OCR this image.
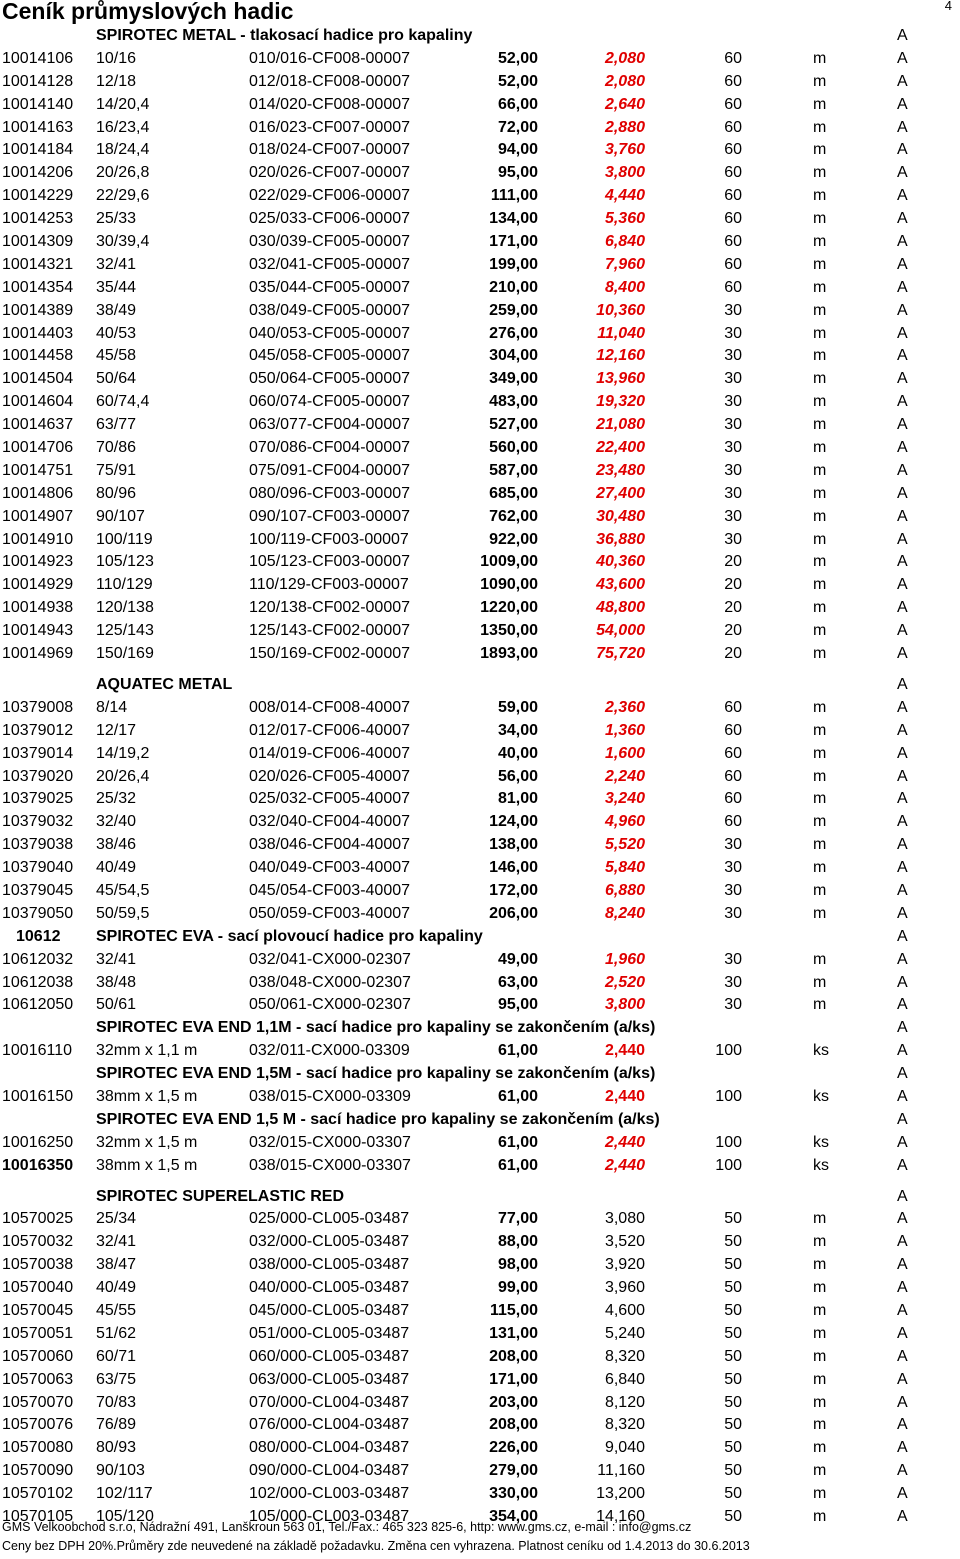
Ceník průmyslových hadic	4
SPIROTEC METAL - tlakosací hadice pro kapaliny	A
10014106 10/16	010/016-CF008-00007	52,00	2,080	60	m	A
10014128 12/18	012/018-CF008-00007	52,00	2,080	60	m	A
10014140 14/20,4	014/020-CF008-00007	66,00	2,640	60	m	A
10014163 16/23,4	016/023-CF007-00007	72,00	2,880	60	m	A
10014184 18/24,4	018/024-CF007-00007	94,00	3,760	60	m	A
10014206 20/26,8	020/026-CF007-00007	95,00	3,800	60	m	A
10014229 22/29,6	022/029-CF006-00007	111,00	4,440	60	m	A
10014253 25/33	025/033-CF006-00007	134,00	5,360	60	m	A
10014309 30/39,4	030/039-CF005-00007	171,00	6,840	60	m	A
10014321 32/41	032/041-CF005-00007	199,00	7,960	60	m	A
10014354 35/44	035/044-CF005-00007	210,00	8,400	60	m	A
10014389 38/49	038/049-CF005-00007	259,00	10,360	30	m	A
10014403 40/53	040/053-CF005-00007	276,00	11,040	30	m	A
10014458 45/58	045/058-CF005-00007	304,00	12,160	30	m	A
10014504 50/64	050/064-CF005-00007	349,00	13,960	30	m	A
10014604 60/74,4	060/074-CF005-00007	483,00	19,320	30	m	A
10014637 63/77	063/077-CF004-00007	527,00	21,080	30	m	A
10014706 70/86	070/086-CF004-00007	560,00	22,400	30	m	A
10014751 75/91	075/091-CF004-00007	587,00	23,480	30	m	A
10014806 80/96	080/096-CF003-00007	685,00	27,400	30	m	A
10014907 90/107	090/107-CF003-00007	762,00	30,480	30	m	A
10014910 100/119	100/119-CF003-00007	922,00	36,880	30	m	A
10014923 105/123	105/123-CF003-00007	1009,00	40,360	20	m	A
10014929 110/129	110/129-CF003-00007	1090,00	43,600	20	m	A
10014938 120/138	120/138-CF002-00007	1220,00	48,800	20	m	A
10014943 125/143	125/143-CF002-00007	1350,00	54,000	20	m	A
10014969 150/169	150/169-CF002-00007	1893,00	75,720	20	m	A
AQUATEC METAL	A
10379008 8/14	008/014-CF008-40007	59,00	2,360	60	m	A
10379012 12/17	012/017-CF006-40007	34,00	1,360	60	m	A
10379014 14/19,2	014/019-CF006-40007	40,00	1,600	60	m	A
10379020 20/26,4	020/026-CF005-40007	56,00	2,240	60	m	A
10379025 25/32	025/032-CF005-40007	81,00	3,240	60	m	A
10379032 32/40	032/040-CF004-40007	124,00	4,960	60	m	A
10379038 38/46	038/046-CF004-40007	138,00	5,520	30	m	A
10379040 40/49	040/049-CF003-40007	146,00	5,840	30	m	A
10379045 45/54,5	045/054-CF003-40007	172,00	6,880	30	m	A
10379050 50/59,5	050/059-CF003-40007	206,00	8,240	30	m	A
10612 SPIROTEC EVA - sací plovoucí hadice pro kapaliny	A
10612032 32/41	032/041-CX000-02307	49,00	1,960	30	m	A
10612038 38/48	038/048-CX000-02307	63,00	2,520	30	m	A
10612050 50/61	050/061-CX000-02307	95,00	3,800	30	m	A
SPIROTEC EVA END 1,1M - sací hadice pro kapaliny se zakončením (a/ks)	A
10016110 32mm x 1,1 m	032/011-CX000-03309	61,00	2,440	100	ks	A
SPIROTEC EVA END 1,5M - sací hadice pro kapaliny se zakončením (a/ks)	A
10016150 38mm x 1,5 m	038/015-CX000-03309	61,00	2,440	100	ks	A
SPIROTEC EVA END 1,5 M - sací hadice pro kapaliny se zakončením (a/ks)	A
10016250 32mm x 1,5 m	032/015-CX000-03307	61,00	2,440	100	ks	A
10016350 38mm x 1,5 m	038/015-CX000-03307	61,00	2,440	100	ks	A
SPIROTEC SUPERELASTIC RED	A
10570025 25/34	025/000-CL005-03487	77,00	3,080	50	m	A
10570032 32/41	032/000-CL005-03487	88,00	3,520	50	m	A
10570038 38/47	038/000-CL005-03487	98,00	3,920	50	m	A
10570040 40/49	040/000-CL005-03487	99,00	3,960	50	m	A
10570045 45/55	045/000-CL005-03487	115,00	4,600	50	m	A
10570051 51/62	051/000-CL005-03487	131,00	5,240	50	m	A
10570060 60/71	060/000-CL005-03487	208,00	8,320	50	m	A
10570063 63/75	063/000-CL005-03487	171,00	6,840	50	m	A
10570070 70/83	070/000-CL004-03487	203,00	8,120	50	m	A
10570076 76/89	076/000-CL004-03487	208,00	8,320	50	m	A
10570080 80/93	080/000-CL004-03487	226,00	9,040	50	m	A
10570090 90/103	090/000-CL004-03487	279,00	11,160	50	m	A
10570102 102/117	102/000-CL003-03487	330,00	13,200	50	m	A
10570105 105/120	105/000-CL003-03487	354,00	14,160	50	m	A
GMS Velkoobchod s.r.o, Nádražní 491, Lanškroun 563 01, Tel./Fax.: 465 323 825-6, http: www.gms.cz, e-mail : info@gms.cz
Ceny bez DPH 20%.Průměry zde neuvedené na základě požadavku. Změna cen vyhrazena. Platnost ceníku od 1.4.2013 do 30.6.2013
